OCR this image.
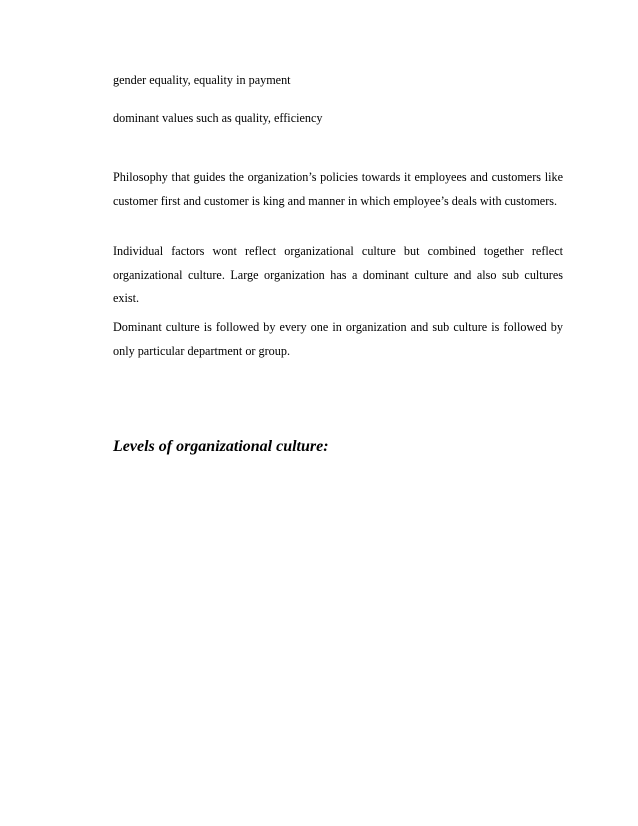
gender equality, equality in payment
dominant values such as quality, efficiency
Philosophy that guides the organization’s policies towards it employees and customers like customer first and customer is king and manner in which employee’s deals with customers.
Individual factors wont reflect organizational culture but combined together reflect organizational culture. Large organization has a dominant culture and also sub cultures exist.
Dominant culture is followed by every one in organization and sub culture is followed by only particular department or group.
Levels of organizational culture:
